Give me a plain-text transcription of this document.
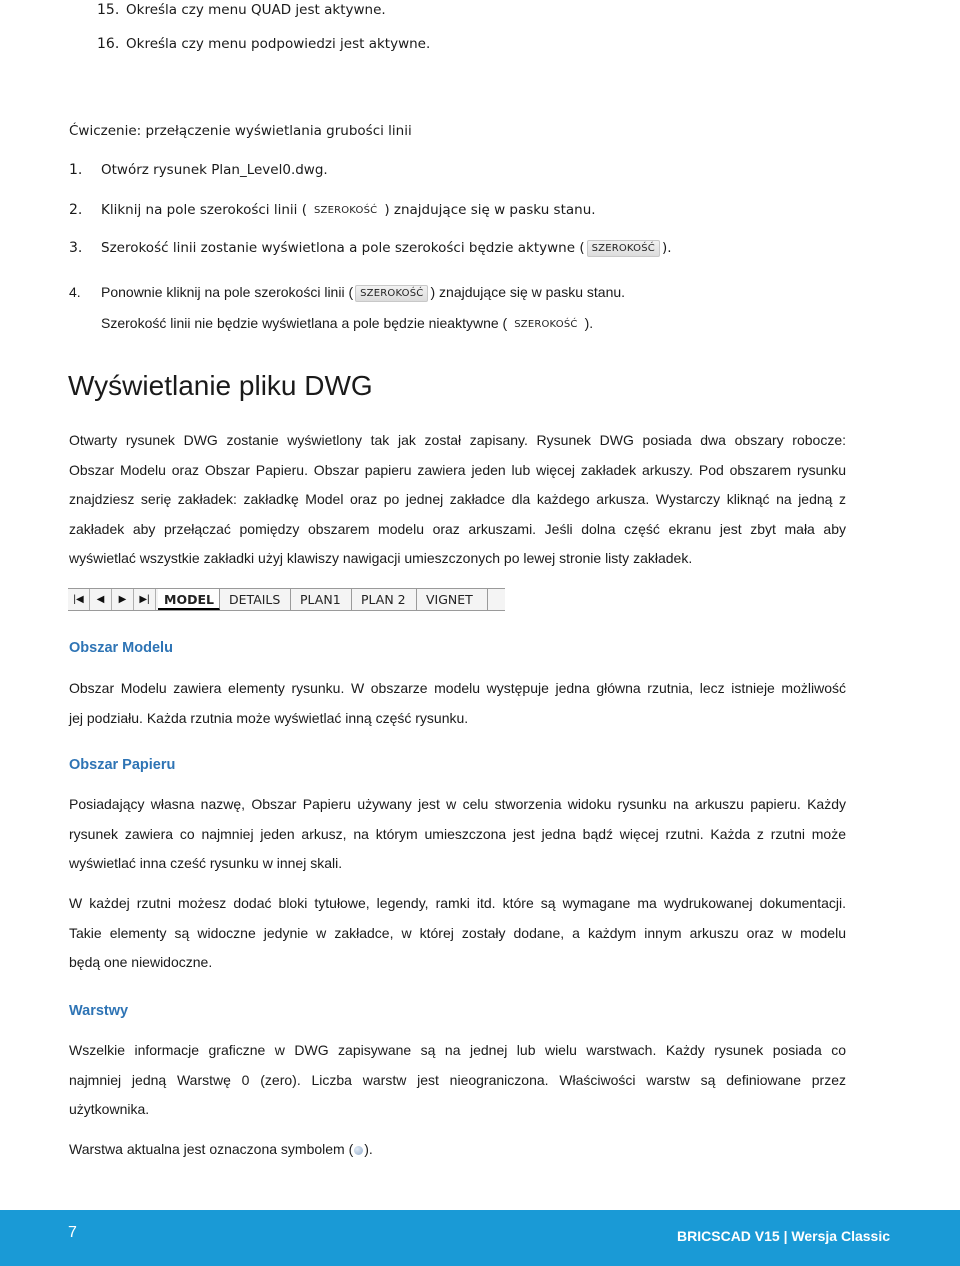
15. Określa czy menu QUAD jest aktywne.
16. Określa czy menu podpowiedzi jest aktywne.
Ćwiczenie: przełączenie wyświetlania grubości linii
1. Otwórz rysunek Plan_Level0.dwg.
2. Kliknij na pole szerokości linii ( SZEROKOŚĆ ) znajdujące się w pasku stanu.
3. Szerokość linii zostanie wyświetlona a pole szerokości będzie aktywne ( SZEROKOŚĆ ).
4. Ponownie kliknij na pole szerokości linii ( SZEROKOŚĆ ) znajdujące się w pasku stanu.
Szerokość linii nie będzie wyświetlana a pole będzie nieaktywne ( SZEROKOŚĆ ).
Wyświetlanie pliku DWG
Otwarty rysunek DWG zostanie wyświetlony tak jak został zapisany. Rysunek DWG posiada dwa obszary robocze:
Obszar Modelu oraz Obszar Papieru. Obszar papieru zawiera jeden lub więcej zakładek arkuszy. Pod obszarem rysunku
znajdziesz serię zakładek: zakładkę Model oraz po jednej zakładce dla każdego arkusza. Wystarczy kliknąć na jedną z
zakładek aby przełączać pomiędzy obszarem modelu oraz arkuszami. Jeśli dolna część ekranu jest zbyt mała aby
wyświetlać wszystkie zakładki użyj klawiszy nawigacji umieszczonych po lewej stronie listy zakładek.
|◀	◀	▶	▶|	MODEL	DETAILS	PLAN1	PLAN 2	VIGNET
Obszar Modelu
Obszar Modelu zawiera elementy rysunku. W obszarze modelu występuje jedna główna rzutnia, lecz istnieje możliwość
jej podziału. Każda rzutnia może wyświetlać inną część rysunku.
Obszar Papieru
Posiadający własna nazwę, Obszar Papieru używany jest w celu stworzenia widoku rysunku na arkuszu papieru. Każdy
rysunek zawiera co najmniej jeden arkusz, na którym umieszczona jest jedna bądź więcej rzutni. Każda z rzutni może
wyświetlać inna cześć rysunku w innej skali.
W każdej rzutni możesz dodać bloki tytułowe, legendy, ramki itd. które są wymagane ma wydrukowanej dokumentacji.
Takie elementy są widoczne jedynie w zakładce, w której zostały dodane, a każdym innym arkuszu oraz w modelu
będą one niewidoczne.
Warstwy
Wszelkie informacje graficzne w DWG zapisywane są na jednej lub wielu warstwach. Każdy rysunek posiada co
najmniej jedną Warstwę 0 (zero). Liczba warstw jest nieograniczona. Właściwości warstw są definiowane przez
użytkownika.
Warstwa aktualna jest oznaczona symbolem ( ).
7	BRICSCAD V15 | Wersja Classic
